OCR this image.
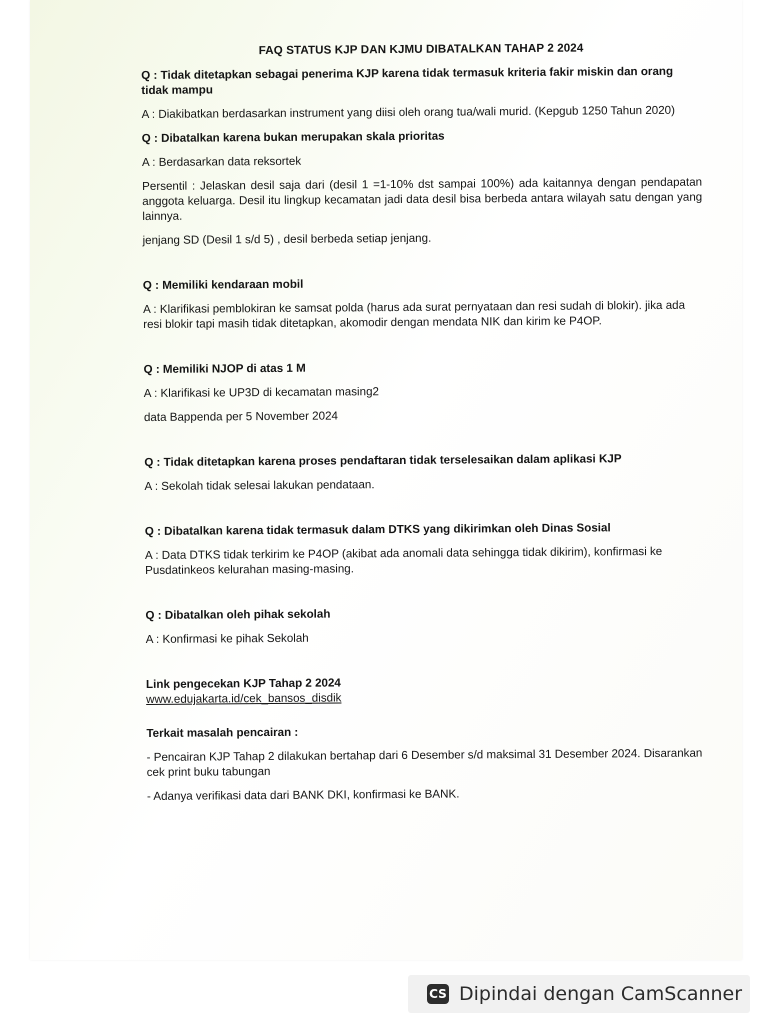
FAQ STATUS KJP DAN KJMU DIBATALKAN TAHAP 2 2024
Q : Tidak ditetapkan sebagai penerima KJP karena tidak termasuk kriteria fakir miskin dan orang tidak mampu
A : Diakibatkan berdasarkan instrument yang diisi oleh orang tua/wali murid. (Kepgub 1250 Tahun 2020)
Q : Dibatalkan karena bukan merupakan skala prioritas
A : Berdasarkan data reksortek
Persentil : Jelaskan desil saja dari (desil 1 =1-10% dst sampai 100%) ada kaitannya dengan pendapatan anggota keluarga. Desil itu lingkup kecamatan jadi data desil bisa berbeda antara wilayah satu dengan yang lainnya.
jenjang SD (Desil 1 s/d 5) , desil berbeda setiap jenjang.
Q : Memiliki kendaraan mobil
A : Klarifikasi pemblokiran ke samsat polda (harus ada surat pernyataan dan resi sudah di blokir). jika ada resi blokir tapi masih tidak ditetapkan, akomodir dengan mendata NIK dan kirim ke P4OP.
Q : Memiliki NJOP di atas 1 M
A : Klarifikasi ke UP3D di kecamatan masing2
data Bappenda per 5 November 2024
Q : Tidak ditetapkan karena proses pendaftaran tidak terselesaikan dalam aplikasi KJP
A : Sekolah tidak selesai lakukan pendataan.
Q : Dibatalkan karena tidak termasuk dalam DTKS yang dikirimkan oleh Dinas Sosial
A : Data DTKS tidak terkirim ke P4OP (akibat ada anomali data sehingga tidak dikirim), konfirmasi ke Pusdatinkeos kelurahan masing-masing.
Q : Dibatalkan oleh pihak sekolah
A : Konfirmasi ke pihak Sekolah
Link pengecekan KJP Tahap 2 2024
www.edujakarta.id/cek_bansos_disdik
Terkait masalah pencairan :
- Pencairan KJP Tahap 2 dilakukan bertahap dari 6 Desember s/d maksimal 31 Desember 2024. Disarankan cek print buku tabungan
- Adanya verifikasi data dari BANK DKI, konfirmasi ke BANK.
CS Dipindai dengan CamScanner
